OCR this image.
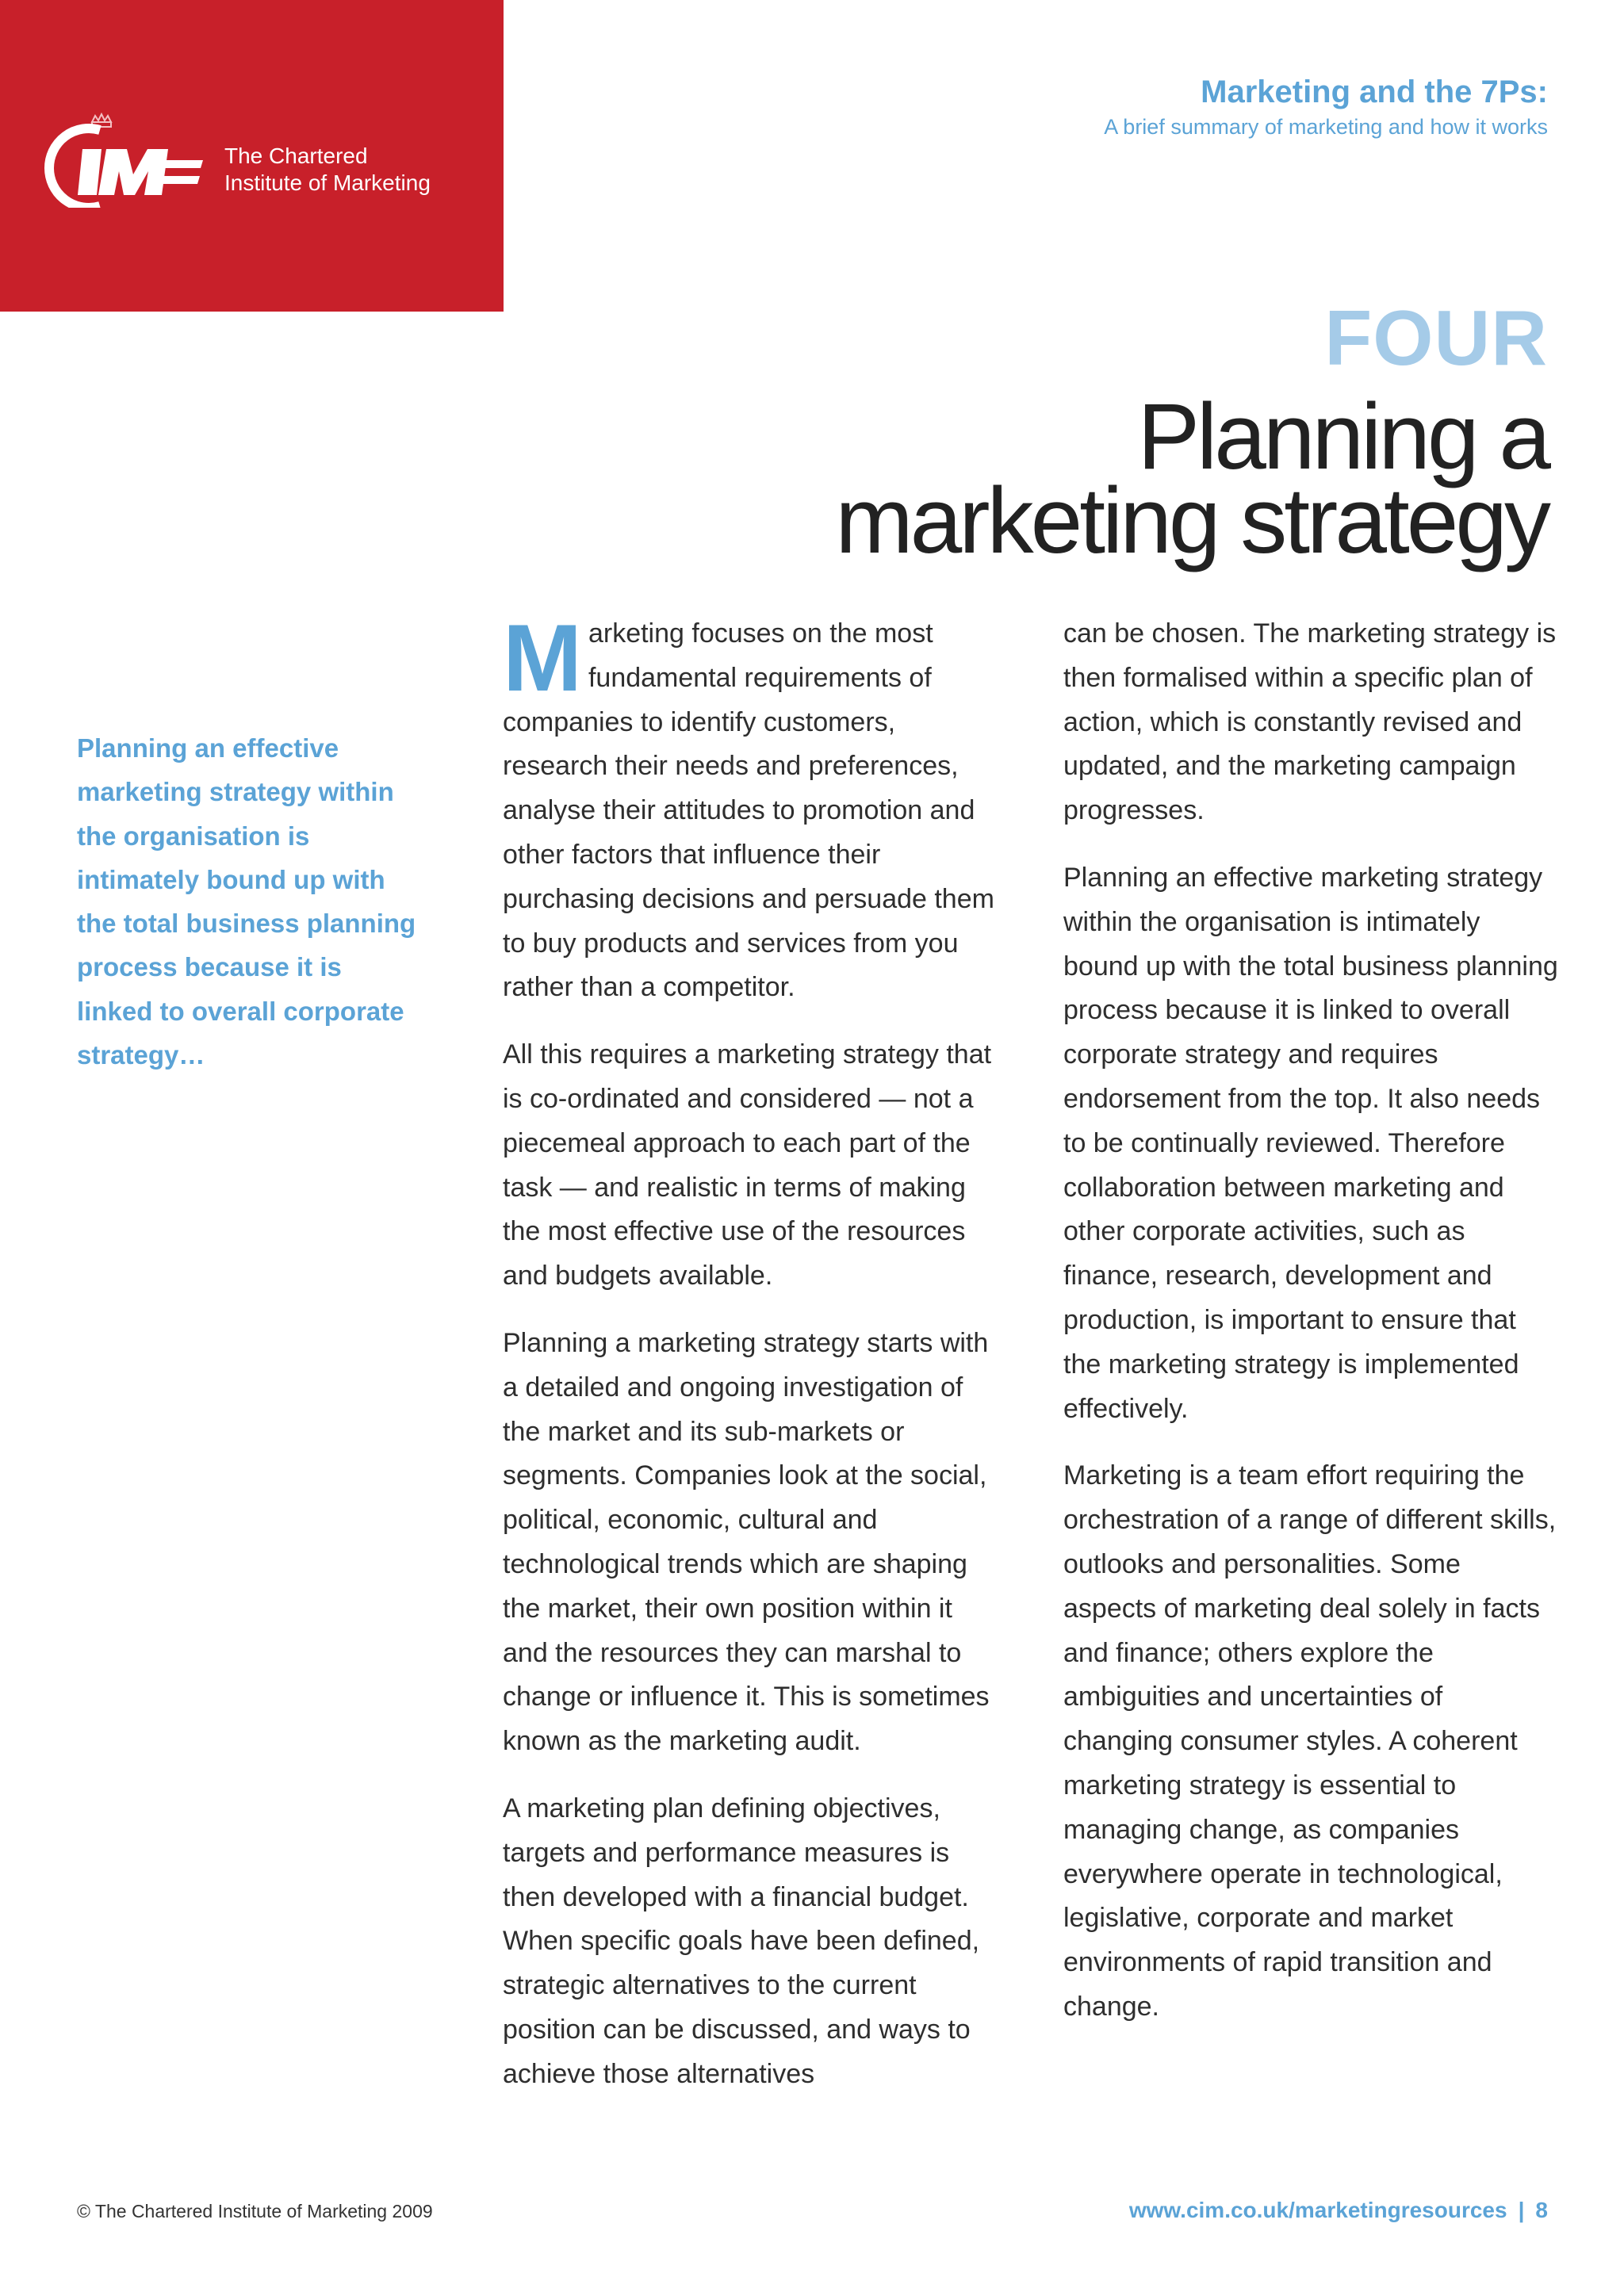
The Chartered
Institute of Marketing
Marketing and the 7Ps:
A brief summary of marketing and how it works
FOUR
Planning a
marketing strategy

Planning an effective marketing strategy within the organisation is intimately bound up with the total business planning process because it is linked to overall corporate strategy…

Marketing focuses on the most fundamental requirements of companies to identify customers, research their needs and preferences, analyse their attitudes to promotion and other factors that influence their purchasing decisions and persuade them to buy products and services from you rather than a competitor.

All this requires a marketing strategy that is co-ordinated and considered — not a piecemeal approach to each part of the task — and realistic in terms of making the most effective use of the resources and budgets available.

Planning a marketing strategy starts with a detailed and ongoing investigation of the market and its sub-markets or segments. Companies look at the social, political, economic, cultural and technological trends which are shaping the market, their own position within it and the resources they can marshal to change or influence it. This is sometimes known as the marketing audit.

A marketing plan defining objectives, targets and performance measures is then developed with a financial budget. When specific goals have been defined, strategic alternatives to the current position can be discussed, and ways to achieve those alternatives

can be chosen. The marketing strategy is then formalised within a specific plan of action, which is constantly revised and updated, and the marketing campaign progresses.

Planning an effective marketing strategy within the organisation is intimately bound up with the total business planning process because it is linked to overall corporate strategy and requires endorsement from the top. It also needs to be continually reviewed. Therefore collaboration between marketing and other corporate activities, such as finance, research, development and production, is important to ensure that the marketing strategy is implemented effectively.

Marketing is a team effort requiring the orchestration of a range of different skills, outlooks and personalities. Some aspects of marketing deal solely in facts and finance; others explore the ambiguities and uncertainties of changing consumer styles. A coherent marketing strategy is essential to managing change, as companies everywhere operate in technological, legislative, corporate and market environments of rapid transition and change.

© The Chartered Institute of Marketing 2009	www.cim.co.uk/marketingresources | 8
